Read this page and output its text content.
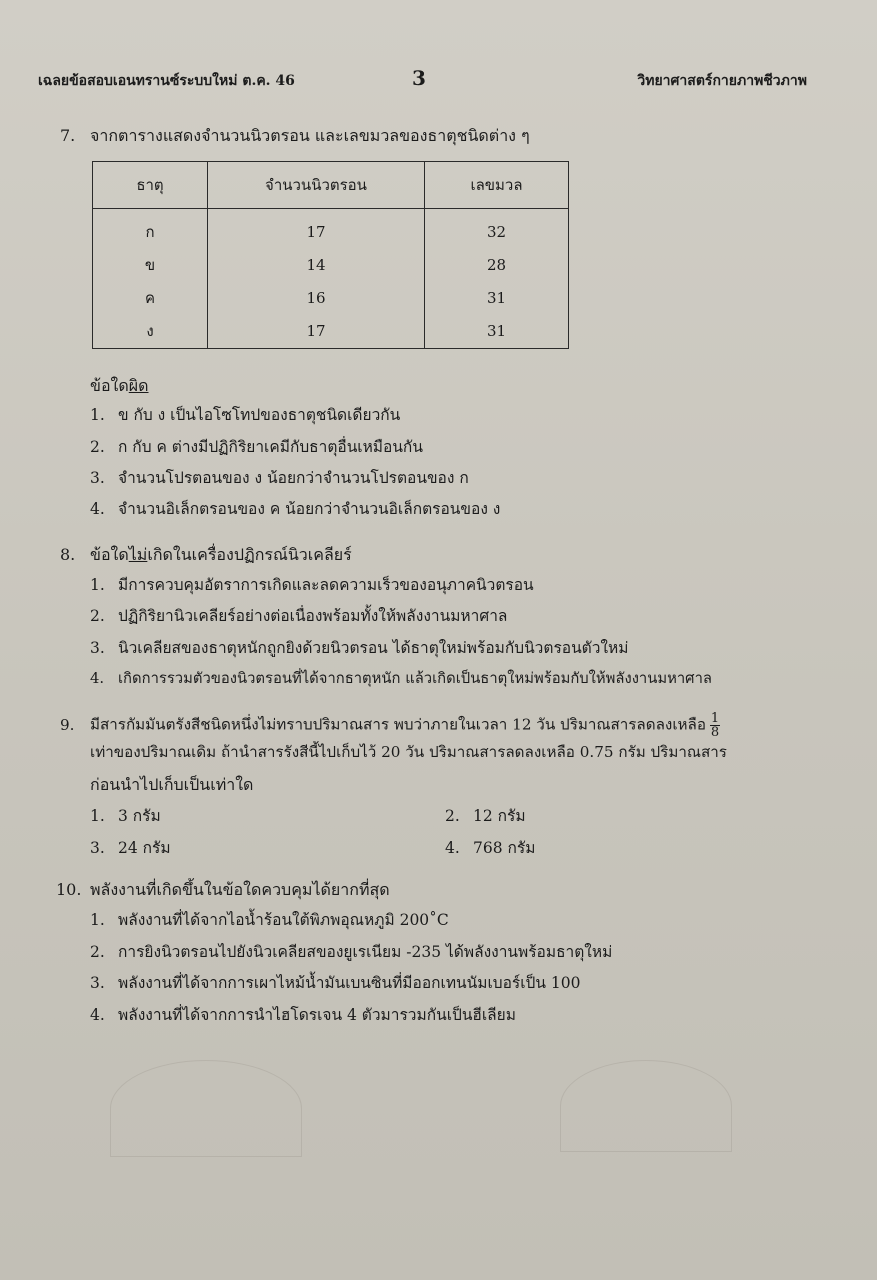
เฉลยข้อสอบเอนทรานซ์ระบบใหม่ ต.ค. 46	3	วิทยาศาสตร์กายภาพชีวภาพ
7. จากตารางแสดงจำนวนนิวตรอน และเลขมวลของธาตุชนิดต่าง ๆ
ธาตุ	จำนวนนิวตรอน	เลขมวล
ก	17	32
ข	14	28
ค	16	31
ง	17	31
ข้อใดผิด
1. ข กับ ง เป็นไอโซโทปของธาตุชนิดเดียวกัน
2. ก กับ ค ต่างมีปฏิกิริยาเคมีกับธาตุอื่นเหมือนกัน
3. จำนวนโปรตอนของ ง น้อยกว่าจำนวนโปรตอนของ ก
4. จำนวนอิเล็กตรอนของ ค น้อยกว่าจำนวนอิเล็กตรอนของ ง
8. ข้อใดไม่เกิดในเครื่องปฏิกรณ์นิวเคลียร์
1. มีการควบคุมอัตราการเกิดและลดความเร็วของอนุภาคนิวตรอน
2. ปฏิกิริยานิวเคลียร์อย่างต่อเนื่องพร้อมทั้งให้พลังงานมหาศาล
3. นิวเคลียสของธาตุหนักถูกยิงด้วยนิวตรอน ได้ธาตุใหม่พร้อมกับนิวตรอนตัวใหม่
4. เกิดการรวมตัวของนิวตรอนที่ได้จากธาตุหนัก แล้วเกิดเป็นธาตุใหม่พร้อมกับให้พลังงานมหาศาล
9. มีสารกัมมันตรังสีชนิดหนึ่งไม่ทราบปริมาณสาร พบว่าภายในเวลา 12 วัน ปริมาณสารลดลงเหลือ $\frac{1}{8}$
เท่าของปริมาณเดิม ถ้านำสารรังสีนี้ไปเก็บไว้ 20 วัน ปริมาณสารลดลงเหลือ 0.75 กรัม ปริมาณสาร
ก่อนนำไปเก็บเป็นเท่าใด
1. 3 กรัม	2. 12 กรัม
3. 24 กรัม	4. 768 กรัม
10. พลังงานที่เกิดขึ้นในข้อใดควบคุมได้ยากที่สุด
1. พลังงานที่ได้จากไอน้ำร้อนใต้พิภพอุณหภูมิ 200˚C
2. การยิงนิวตรอนไปยังนิวเคลียสของยูเรเนียม -235 ได้พลังงานพร้อมธาตุใหม่
3. พลังงานที่ได้จากการเผาไหม้น้ำมันเบนซินที่มีออกเทนนัมเบอร์เป็น 100
4. พลังงานที่ได้จากการนำไฮโดรเจน 4 ตัวมารวมกันเป็นฮีเลียม
